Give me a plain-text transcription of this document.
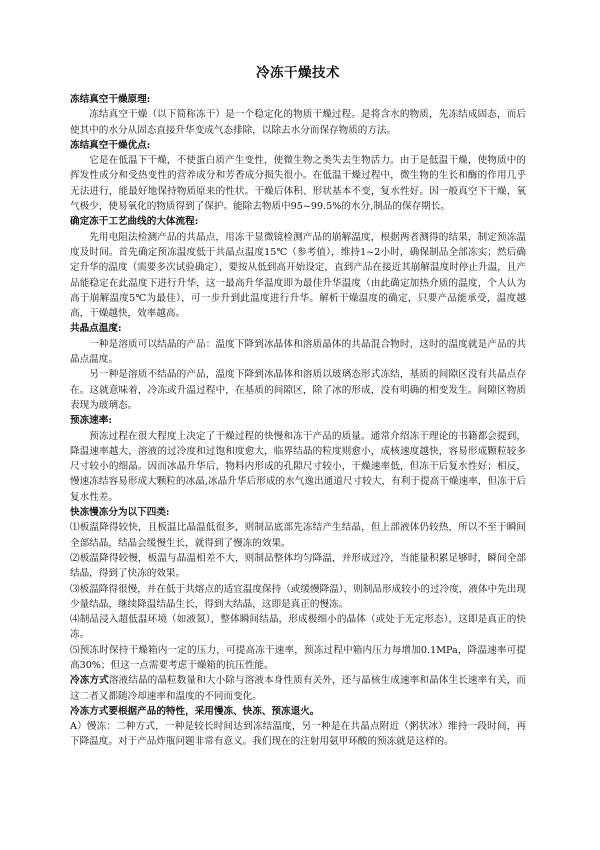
冷冻干燥技术
冻结真空干燥原理:

冻结真空干燥（以下简称冻干）是一个稳定化的物质干燥过程。是将含水的物质，先冻结成固态，而后使其中的水分从固态直接升华变成气态排除，以除去水分而保存物质的方法。

冻结真空干燥优点:

它是在低温下干燥，不使蛋白质产生变性，使微生物之类失去生物活力。由于是低温干燥，使物质中的挥发性成分和受热变性的营养成分和芳香成分损失很小。在低温干燥过程中，微生物的生长和酶的作用几乎无法进行，能最好地保持物质原来的性状。干燥后体积、形状基本不变，复水性好。因一般真空下干燥，氧气极少，使易氧化的物质得到了保护。能除去物质中95~99.5%的水分,制品的保存期长。

确定冻干工艺曲线的大体流程:

先用电阻法检测产品的共晶点，用冻干显微镜检测产品的崩解温度，根据两者测得的结果，制定预冻温度及时间。首先确定预冻温度低于共晶点温度15℃（参考值），维持1~2小时，确保制品全部冻实；然后确定升华的温度（需要多次试验确定），要按从低到高开始设定，直到产品在接近其崩解温度时停止升温，且产品能稳定在此温度下进行升华，这一最高升华温度即为最佳升华温度（由此确定加热介质的温度，个人认为高于崩解温度5℃为最佳），可一步升到此温度进行升华。解析干燥温度的确定，只要产品能承受，温度越高，干燥越快，效率越高。

共晶点温度:

一种是溶质可以结晶的产品：温度下降到冰晶体和溶质晶体的共晶混合物时，这时的温度就是产品的共晶点温度。

另一种是溶质不结晶的产品，温度下降到冰晶体和溶质以玻璃态形式冻结，基质的间隙区没有共晶点存在。这就意味着，冷冻或升温过程中，在基质的间隙区，除了冰的形成，没有明确的相变发生。间隙区物质表现为玻璃态。

预冻速率:

预冻过程在很大程度上决定了干燥过程的快慢和冻干产品的质量。通常介绍冻干理论的书籍都会提到，降温速率越大，溶液的过冷度和过饱和度愈大，临界结晶的粒度则愈小，成核速度越快，容易形成颗粒较多尺寸较小的细晶。因而冰晶升华后，物料内形成的孔隙尺寸较小，干燥速率低，但冻干后复水性好；相反，慢速冻结容易形成大颗粒的冰晶,冰晶升华后形成的水气逸出通道尺寸较大，有利于提高干燥速率，但冻干后复水性差。

快冻慢冻分为以下四类:

⑴板温降得较快，且板温比晶温低很多，则制品底部先冻结产生结晶，但上部液体仍较热，所以不至于瞬间全部结晶，结晶会缓慢生长，就得到了慢冻的效果。

⑵板温降得较慢，板温与晶温相差不大，则制品整体均匀降温，并形成过冷，当能量积累足够时，瞬间全部结晶，得到了快冻的效果。

⑶板温降得很慢，并在低于共熔点的适宜温度保持（或缓慢降温），则制品形成较小的过冷度，液体中先出现少量结晶，继续降温结晶生长，得到大结晶，这即是真正的慢冻。

⑷制品浸入超低温环境（如液氮），整体瞬间结晶，形成极细小的晶体（或处于无定形态），这即是真正的快冻。

⑸预冻时保持干燥箱内一定的压力，可提高冻干速率，预冻过程中箱内压力每增加0.1MPa，降温速率可提高30%；但这一点需要考虑干燥箱的抗压性能。

冷冻方式溶液结晶的晶粒数量和大小除与溶液本身性质有关外，还与晶核生成速率和晶体生长速率有关，而这二者又都随冷却速率和温度的不同而变化。

冷冻方式要根据产品的特性，采用慢冻、快冻、预冻退火。

A）慢冻：二种方式，一种是较长时间达到冻结温度，另一种是在共晶点附近（粥状冰）维持一段时间，再下降温度。对于产品炸瓶问题非常有意义。我们现在的注射用氨甲环酸的预冻就是这样的。
